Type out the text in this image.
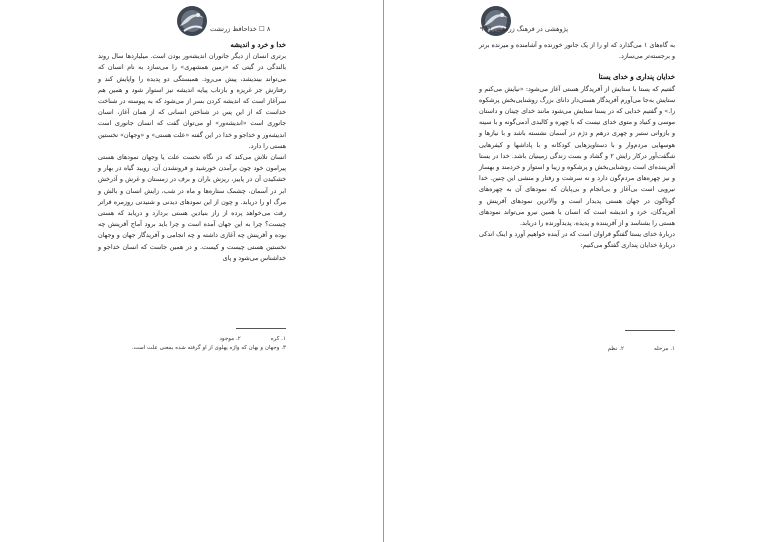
٨ ☐ خداحافظ زرتشت

خدا و خرد و اندیشه

برتری انسان از دیگر جانوران اندیشه‌ور بودن است. میلیاردها سال روند بالندگی در گیتی که «زمین همشهری» را می‌سازد به نام انسان که می‌تواند بیندیشد، پیش می‌رود. همبستگی دو پدیده را واپایش کند و رفتارش جز غریزه و بازتاب پیایه اندیشه نیز استوار شود و همین هم سرآغاز است که اندیشه کردن بسر از می‌شود که به پیوسته در شناخت خداست که از این پس در شناختن انسانی که از همان آغاز، انسان جانوری است «اندیشه‌ور» او می‌توان گفت که انسان جانوری است اندیشه‌ور و خداجو و خدا در این گفته «علت هستی» و «وجهان» نخستین هستی را دارد.

انسان تلاش می‌کند که در نگاه نخست علت یا وجهان نمودهای هستی پیرامون خود چون برآمدن خورشید و فرونشدن آن، رویید گیاه در بهار و خشکیدن آن در پاییز، ریزش باران و برف در زمستان و غرش و آذرخش ابر در آسمان، چشمک ستاره‌ها و ماه در شب، زایش انسان و بالش و مرگ او را دریابد. و چون از این نمودهای دیدنی و شنیدنی روزمره فراتر رفت می‌خواهد پرده از راز بنیادین هستی بردارد و دریابد که هستی چیست؟ چرا به این جهان آمده است و چرا باید برود آماج آفرینش چه بوده و آفرینش چه آغازی داشته و چه انجامی و آفریدگار جهان و وجهان نخستین هستی چیست و کیست. و در همین جاست که انسان خداجو و خداشناس می‌شود و پای

١. کره
٢. موجود
٣. وجهان و بهان که واژه پهلوی از او گرفته شده بمعنی علت است.
پژوهشی در فرهنگ زرتشتی ☐ ٩

به گاه‌های ١ می‌گذارد که او را از یک جانور خورنده و آشامنده و میرنده برتر و برجسته‌تر می‌سازد.

خدایان پنداری و خدای یستا

گفتیم که یستا با ستایش از آفریدگار هستی آغاز می‌شود: «نیایش می‌کنم و ستایش به‌جا می‌آورم آفریدگار هستی‌دار دانای بزرگ روشنایی‌بخش پرشکوه را.» و گفتیم خدایی که در یستا ستایش می‌شود مانند خدای چینان و داستان موسی و کنیاد و متوی خدای نیست که با چهره و کالبدی آدمی‌گونه و با سینه و بازوانی ستبر و چهری درهم و دژم در آسمان نشسته باشد و با نیازها و هوسهایی مردم‌وار و با دستاویزهایی کودکانه و با پاداشها و کیفرهایی شگفت‌آور درکار رایش ٢ و گشاد و بست زندگی زمینیان باشد. خدا در یستا آفریننده‌ای است روشنایی‌بخش و پرشکوه و زیبا و استوار و خردمند و بهساز و نیز چهره‌های مردم‌گون دارد و نه سرشت و رفتار و منشی این چنین. خدا نیرویی است بی‌آغاز و بی‌انجام و بی‌پایان که نمودهای آن به چهره‌های گوناگون در جهان هستی پدیدار است و والاترین نمودهای آفرینش و آفریدگان، خرد و اندیشه است که انسان با همین نیرو می‌تواند نمودهای هستی را بشناسد و از آفریننده و پدیده، پدیدآورنده را دریابد.

دربارهٔ خدای یستا گفتگو فراوان است که در آینده خواهیم آورد و اینک اندکی دربارهٔ خدایان پنداری گفتگو می‌کنیم:

١. مرحله
٢. نظم
